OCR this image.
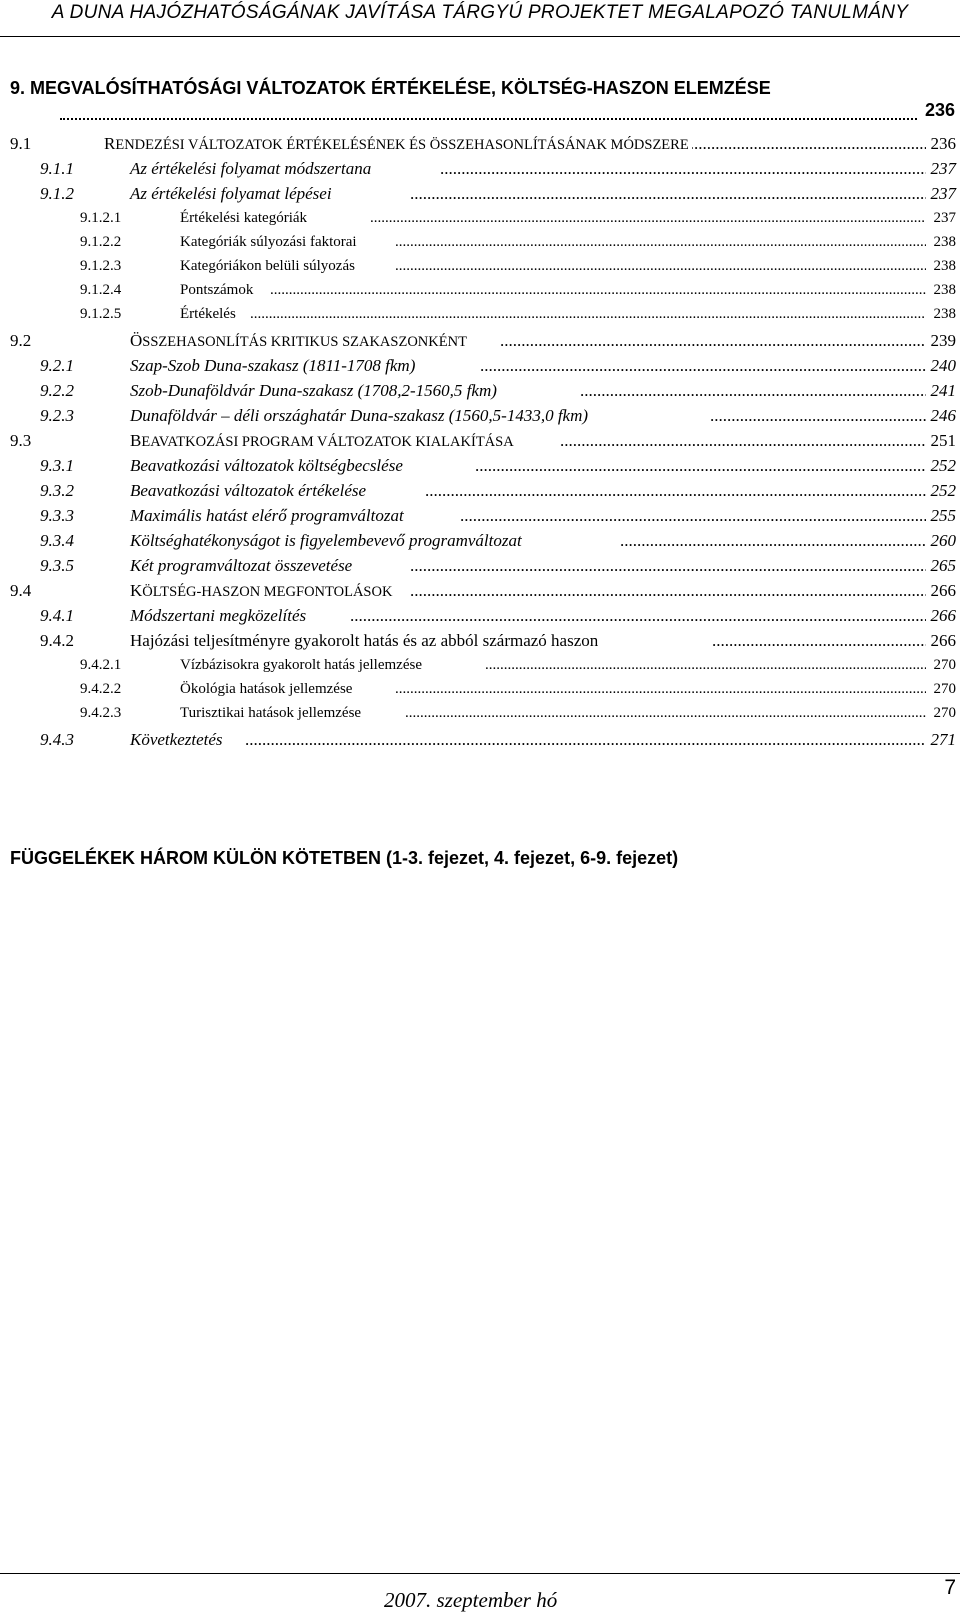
A DUNA HAJÓZHATÓSÁGÁNAK JAVÍTÁSA TÁRGYÚ PROJEKTET MEGALAPOZÓ TANULMÁNY
9. MEGVALÓSÍTHATÓSÁGI VÁLTOZATOK ÉRTÉKELÉSE, KÖLTSÉG-HASZON ELEMZÉSE
236
9.1 .....	RENDEZÉSI VÁLTOZATOK ÉRTÉKELÉSÉNEK ÉS ÖSSZEHASONLÍTÁSÁNAK MÓDSZERE	236
9.1.1 .....	Az értékelési folyamat módszertana	237
9.1.2 .....	Az értékelési folyamat lépései	237
9.1.2.1 .....	Értékelési kategóriák	237
9.1.2.2 .....	Kategóriák súlyozási faktorai	238
9.1.2.3 .....	Kategóriákon belüli súlyozás	238
9.1.2.4 .....	Pontszámok	238
9.1.2.5 .....	Értékelés	238
9.2 .....	ÖSSZEHASONLÍTÁS KRITIKUS SZAKASZONKÉNT	239
9.2.1 .....	Szap-Szob Duna-szakasz (1811-1708 fkm)	240
9.2.2 .....	Szob-Dunaföldvár Duna-szakasz (1708,2-1560,5 fkm)	241
9.2.3 .....	Dunaföldvár – déli országhatár Duna-szakasz (1560,5-1433,0 fkm)	246
9.3 .....	BEAVATKOZÁSI PROGRAM VÁLTOZATOK KIALAKÍTÁSA	251
9.3.1 .....	Beavatkozási változatok költségbecslése	252
9.3.2 .....	Beavatkozási változatok értékelése	252
9.3.3 .....	Maximális hatást elérő programváltozat	255
9.3.4 .....	Költséghatékonyságot is figyelembevevő programváltozat	260
9.3.5 .....	Két programváltozat összevetése	265
9.4 .....	KÖLTSÉG-HASZON MEGFONTOLÁSOK	266
9.4.1 .....	Módszertani megközelítés	266
9.4.2 .....	Hajózási teljesítményre gyakorolt hatás és az abból származó haszon	266
9.4.2.1 .....	Vízbázisokra gyakorolt hatás jellemzése	270
9.4.2.2 .....	Ökológia hatások jellemzése	270
9.4.2.3 .....	Turisztikai hatások jellemzése	270
9.4.3 .....	Következtetés	271
FÜGGELÉKEK HÁROM KÜLÖN KÖTETBEN (1-3. fejezet, 4. fejezet, 6-9. fejezet)
2007. szeptember hó
7
